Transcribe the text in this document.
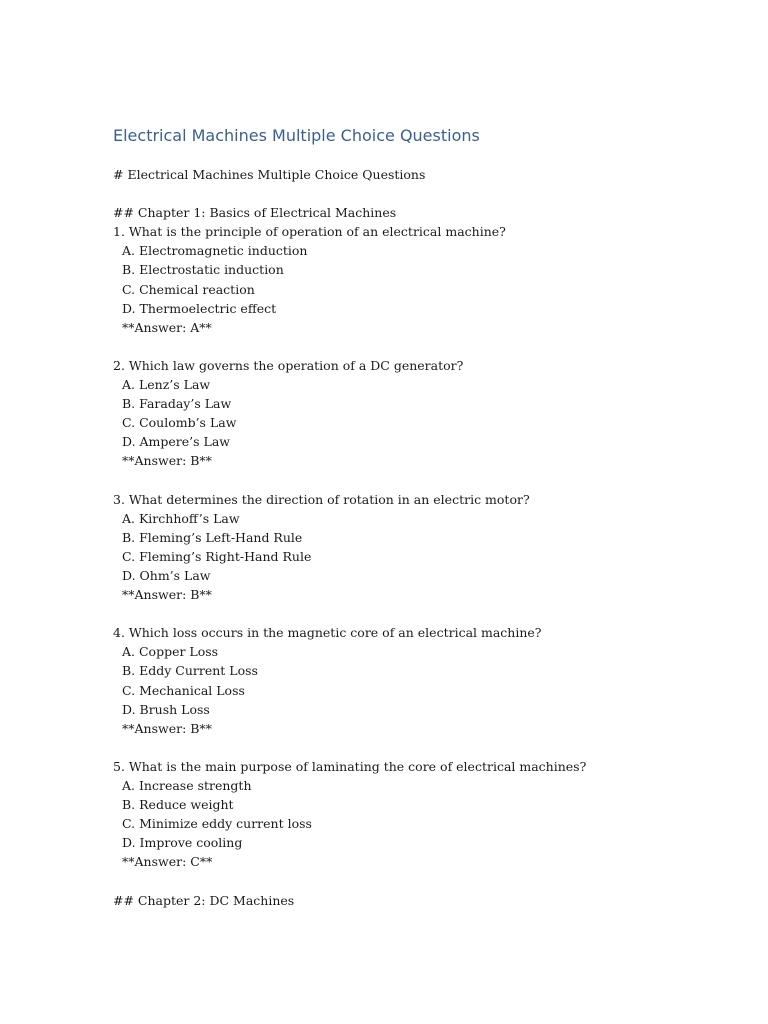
Electrical Machines Multiple Choice Questions
# Electrical Machines Multiple Choice Questions
## Chapter 1: Basics of Electrical Machines
1. What is the principle of operation of an electrical machine?
A. Electromagnetic induction
B. Electrostatic induction
C. Chemical reaction
D. Thermoelectric effect
**Answer: A**
2. Which law governs the operation of a DC generator?
A. Lenz’s Law
B. Faraday’s Law
C. Coulomb’s Law
D. Ampere’s Law
**Answer: B**
3. What determines the direction of rotation in an electric motor?
A. Kirchhoff’s Law
B. Fleming’s Left-Hand Rule
C. Fleming’s Right-Hand Rule
D. Ohm’s Law
**Answer: B**
4. Which loss occurs in the magnetic core of an electrical machine?
A. Copper Loss
B. Eddy Current Loss
C. Mechanical Loss
D. Brush Loss
**Answer: B**
5. What is the main purpose of laminating the core of electrical machines?
A. Increase strength
B. Reduce weight
C. Minimize eddy current loss
D. Improve cooling
**Answer: C**
## Chapter 2: DC Machines
